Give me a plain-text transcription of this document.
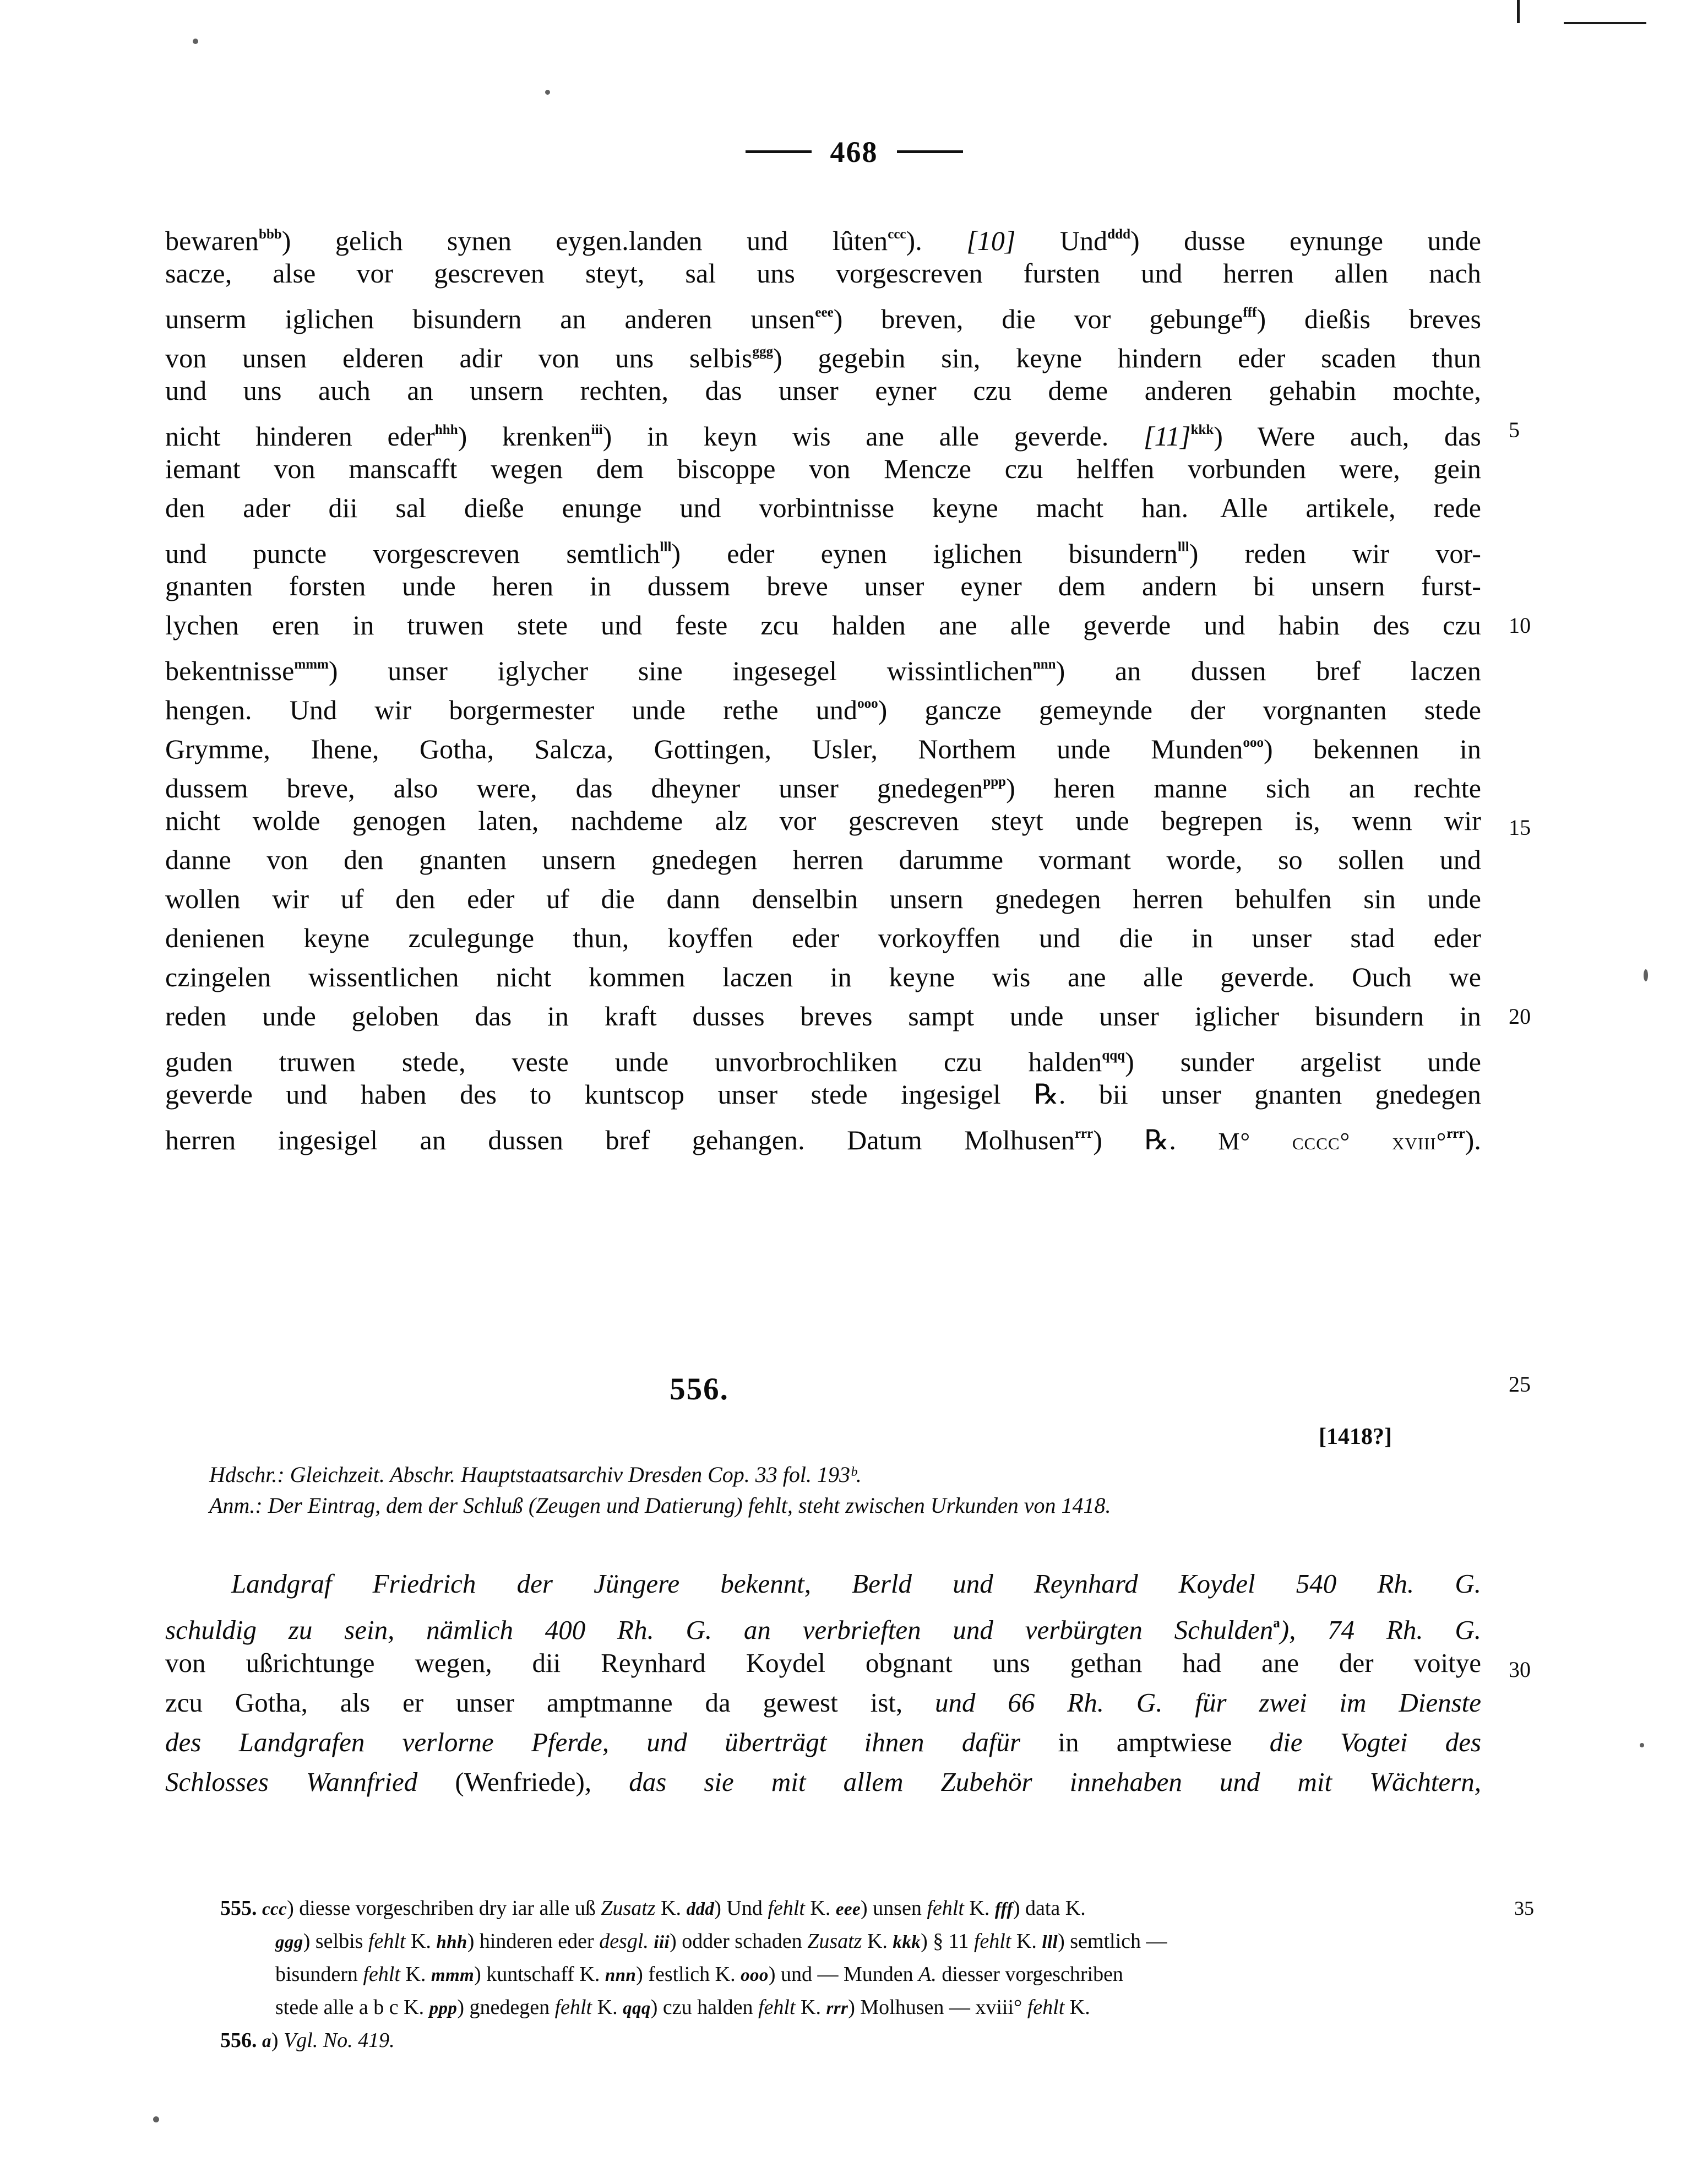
468
bewaren$^{bbb}$) gelich synen eygen.landen und lûten$^{ccc}$). [10] Und$^{ddd}$) dusse eynunge unde
sacze, alse vor gescreven steyt, sal uns vorgescreven fursten und herren allen nach
unserm iglichen bisundern an anderen unsen$^{eee}$) breven, die vor gebunge$^{fff}$) dießis breves
von unsen elderen adir von uns selbis$^{ggg}$) gegebin sin, keyne hindern eder scaden thun
und uns auch an unsern rechten, das unser eyner czu deme anderen gehabin mochte,
5
nicht hinderen eder$^{hhh}$) krenken$^{iii}$) in keyn wis ane alle geverde. [11]$^{kkk}$) Were auch, das
iemant von manscafft wegen dem biscoppe von Mencze czu helffen vorbunden were, gein
den ader dii sal dieße enunge und vorbintnisse keyne macht han. Alle artikele, rede
und puncte vorgescreven semtlich$^{lll}$) eder eynen iglichen bisundern$^{lll}$) reden wir vor-
gnanten forsten unde heren in dussem breve unser eyner dem andern bi unsern furst-
10
lychen eren in truwen stete und feste zcu halden ane alle geverde und habin des czu
bekentnisse$^{mmm}$) unser iglycher sine ingesegel wissintlichen$^{nnn}$) an dussen bref laczen
hengen. Und wir borgermester unde rethe und$^{ooo}$) gancze gemeynde der vorgnanten stede
Grymme, Ihene, Gotha, Salcza, Gottingen, Usler, Northem unde Munden$^{ooo}$) bekennen in
dussem breve, also were, das dheyner unser gnedegen$^{ppp}$) heren manne sich an rechte
15
nicht wolde genogen laten, nachdeme alz vor gescreven steyt unde begrepen is, wenn wir
danne von den gnanten unsern gnedegen herren darumme vormant worde, so sollen und
wollen wir uf den eder uf die dann denselbin unsern gnedegen herren behulfen sin unde
denienen keyne zculegunge thun, koyffen eder vorkoyffen und die in unser stad eder
czingelen wissentlichen nicht kommen laczen in keyne wis ane alle geverde. Ouch we
20
reden unde geloben das in kraft dusses breves sampt unde unser iglicher bisundern in
guden truwen stede, veste unde unvorbrochliken czu halden$^{qqq}$) sunder argelist unde
geverde und haben des to kuntscop unser stede ingesigel ℞. bii unser gnanten gnedegen
herren ingesigel an dussen bref gehangen. Datum Molhusen$^{rrr}$) ℞. M° cccc° xviii°$^{rrr}$).
556.	25
[1418?]
Hdschr.: Gleichzeit. Abschr. Hauptstaatsarchiv Dresden Cop. 33 fol. 193ᵇ.
Anm.: Der Eintrag, dem der Schluß (Zeugen und Datierung) fehlt, steht zwischen Urkunden von 1418.
Landgraf Friedrich der Jüngere bekennt, Berld und Reynhard Koydel 540 Rh. G.
schuldig zu sein, nämlich 400 Rh. G. an verbrieften und verbürgten Schulden$^a$), 74 Rh. G.
30
von ußrichtunge wegen, dii Reynhard Koydel obgnant uns gethan had ane der voitye
zcu Gotha, als er unser amptmanne da gewest ist, und 66 Rh. G. für zwei im Dienste
des Landgrafen verlorne Pferde, und überträgt ihnen dafür in amptwiese die Vogtei des
Schlosses Wannfried (Wenfriede), das sie mit allem Zubehör innehaben und mit Wächtern,
555. ccc) diesse vorgeschriben dry iar alle uß Zusatz K. ddd) Und fehlt K. eee) unsen fehlt K. fff) data K.	35
ggg) selbis fehlt K. hhh) hinderen eder desgl. iii) odder schaden Zusatz K. kkk) § 11 fehlt K. lll) semtlich —
bisundern fehlt K. mmm) kuntschaff K. nnn) festlich K. ooo) und — Munden A. diesser vorgeschriben
stede alle a b c K. ppp) gnedegen fehlt K. qqq) czu halden fehlt K. rrr) Molhusen — xviii° fehlt K.
556. a) Vgl. No. 419.
